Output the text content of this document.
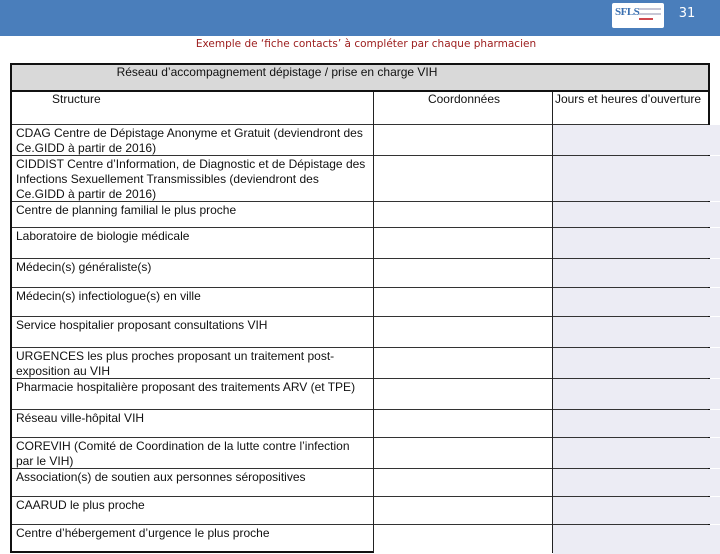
SFLS	31
Exemple de ‘fiche contacts’ à compléter par chaque pharmacien
Réseau d’accompagnement dépistage / prise en charge VIH
Structure	Coordonnées	Jours et heures d’ouverture
CDAG Centre de Dépistage Anonyme et Gratuit (deviendront des Ce.GIDD à partir de 2016)
CIDDIST Centre d’Information, de Diagnostic et de Dépistage des Infections Sexuellement Transmissibles (deviendront des Ce.GIDD à partir de 2016)
Centre de planning familial le plus proche
Laboratoire de biologie médicale
Médecin(s) généraliste(s)
Médecin(s) infectiologue(s) en ville
Service hospitalier proposant consultations VIH
URGENCES les plus proches proposant un traitement post-exposition au VIH
Pharmacie hospitalière proposant des traitements ARV (et TPE)
Réseau ville-hôpital VIH
COREVIH (Comité de Coordination de la lutte contre l’infection par le VIH)
Association(s) de soutien aux personnes séropositives
CAARUD le plus proche
Centre d’hébergement d’urgence le plus proche
